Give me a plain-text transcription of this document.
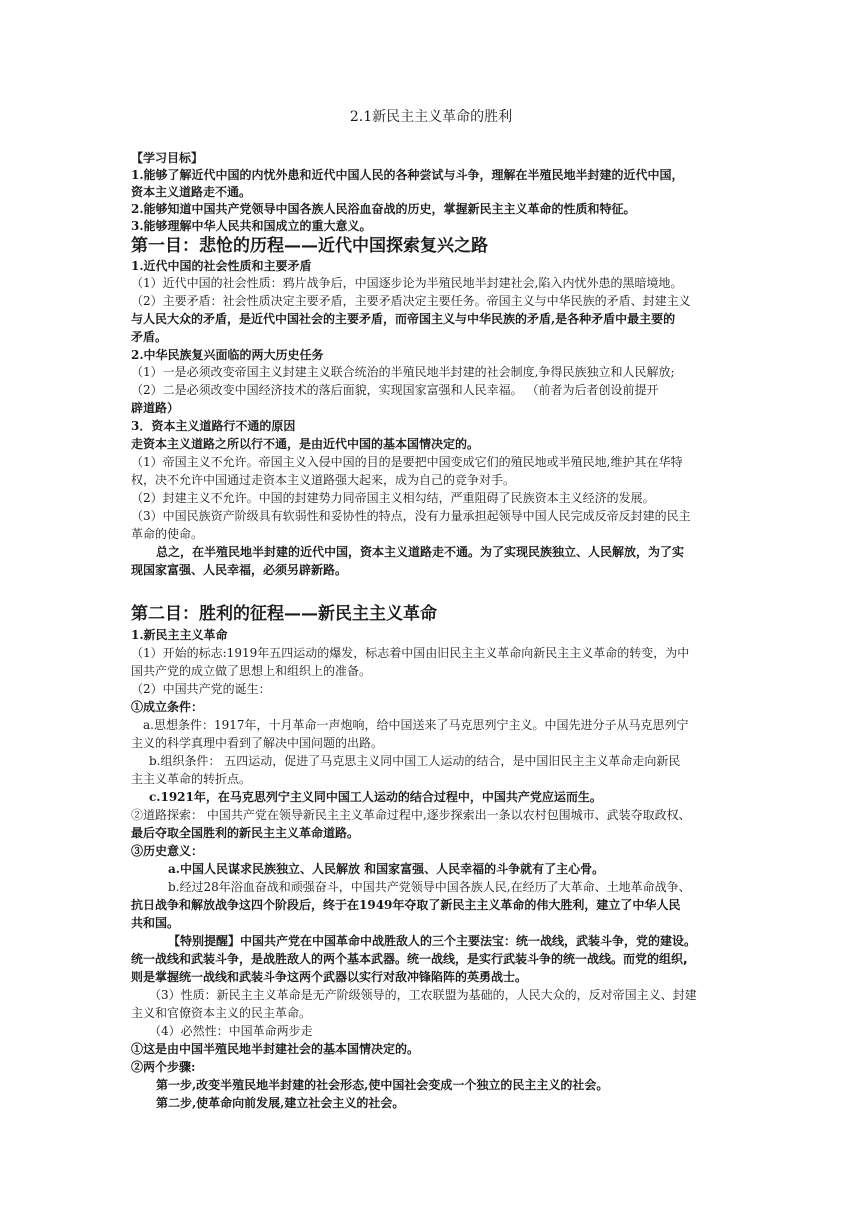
2.1新民主主义革命的胜利
【学习目标】
1.能够了解近代中国的内忧外患和近代中国人民的各种尝试与斗争，理解在半殖民地半封建的近代中国，
资本主义道路走不通。
2.能够知道中国共产党领导中国各族人民浴血奋战的历史，掌握新民主主义革命的性质和特征。
3.能够理解中华人民共和国成立的重大意义。
第一目：悲怆的历程——近代中国探索复兴之路
1.近代中国的社会性质和主要矛盾
（1）近代中国的社会性质：鸦片战争后，中国逐步论为半殖民地半封建社会,陷入内忧外患的黑暗境地。
（2）主要矛盾：社会性质决定主要矛盾，主要矛盾决定主要任务。帝国主义与中华民族的矛盾、封建主义
与人民大众的矛盾，是近代中国社会的主要矛盾，而帝国主义与中华民族的矛盾,是各种矛盾中最主要的
矛盾。
2.中华民族复兴面临的两大历史任务
（1）一是必须改变帝国主义封建主义联合统治的半殖民地半封建的社会制度,争得民族独立和人民解放;
（2）二是必须改变中国经济技术的落后面貌，实现国家富强和人民幸福。 （前者为后者创设前提开
辟道路）
3．资本主义道路行不通的原因
走资本主义道路之所以行不通，是由近代中国的基本国情决定的。
（1）帝国主义不允许。帝国主义入侵中国的目的是要把中国变成它们的殖民地或半殖民地,维护其在华特
权，决不允许中国通过走资本主义道路强大起来，成为自己的竞争对手。
（2）封建主义不允许。中国的封建势力同帝国主义相勾结，严重阻碍了民族资本主义经济的发展。
（3）中国民族资产阶级具有软弱性和妥协性的特点，没有力量承担起领导中国人民完成反帝反封建的民主
革命的使命。
总之，在半殖民地半封建的近代中国，资本主义道路走不通。为了实现民族独立、人民解放，为了实
现国家富强、人民幸福，必须另辟新路。
第二目：胜利的征程——新民主主义革命
1.新民主主义革命
（1）开始的标志:1919年五四运动的爆发，标志着中国由旧民主主义革命向新民主主义革命的转变，为中
国共产党的成立做了思想上和组织上的准备。
（2）中国共产党的诞生：
①成立条件：
a.思想条件：1917年，十月革命一声炮响，给中国送来了马克思列宁主义。中国先进分子从马克思列宁
主义的科学真理中看到了解决中国问题的出路。
b.组织条件： 五四运动，促进了马克思主义同中国工人运动的结合，是中国旧民主主义革命走向新民
主主义革命的转折点。
c.1921年，在马克思列宁主义同中国工人运动的结合过程中，中国共产党应运而生。
②道路探索： 中国共产党在领导新民主主义革命过程中,逐步探索出一条以农村包围城市、武装夺取政权、
最后夺取全国胜利的新民主主义革命道路。
③历史意义：
a.中国人民谋求民族独立、人民解放 和国家富强、人民幸福的斗争就有了主心骨。
b.经过28年浴血奋战和顽强奋斗，中国共产党领导中国各族人民,在经历了大革命、土地革命战争、
抗日战争和解放战争这四个阶段后，终于在1949年夺取了新民主主义革命的伟大胜利，建立了中华人民
共和国。
【特别提醒】中国共产党在中国革命中战胜敌人的三个主要法宝：统一战线，武装斗争，党的建设。
统一战线和武装斗争，是战胜敌人的两个基本武器。统一战线，是实行武装斗争的统一战线。而党的组织,
则是掌握统一战线和武装斗争这两个武器以实行对敌冲锋陷阵的英勇战士。
（3）性质：新民主主义革命是无产阶级领导的，工农联盟为基础的，人民大众的，反对帝国主义、封建
主义和官僚资本主义的民主革命。
（4）必然性：中国革命两步走
①这是由中国半殖民地半封建社会的基本国情决定的。
②两个步骤:
第一步,改变半殖民地半封建的社会形态,使中国社会变成一个独立的民主主义的社会。
第二步,使革命向前发展,建立社会主义的社会。
